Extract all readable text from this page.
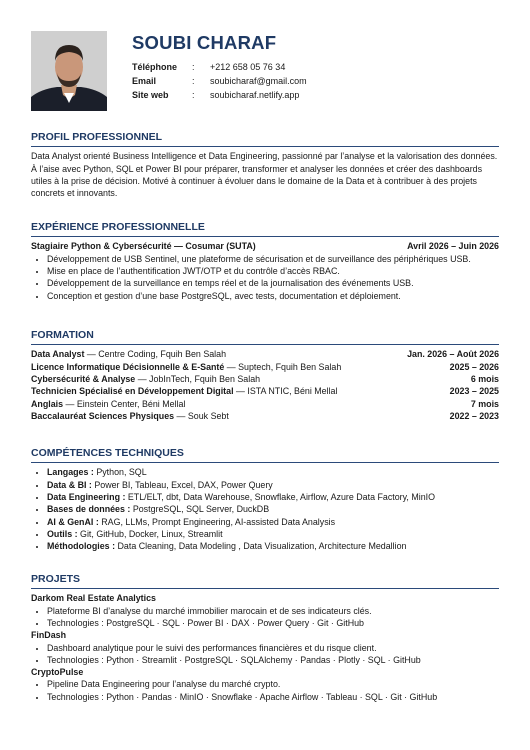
SOUBI CHARAF
Téléphone	:	+212 658 05 76 34
Email	:	soubicharaf@gmail.com
Site web	:	soubicharaf.netlify.app
PROFIL PROFESSIONNEL

Data Analyst orienté Business Intelligence et Data Engineering, passionné par l’analyse et la valorisation des données. À l’aise avec Python, SQL et Power BI pour préparer, transformer et analyser les données et créer des dashboards utiles à la prise de décision. Motivé à continuer à évoluer dans le domaine de la Data et à contribuer à des projets concrets et innovants.

EXPÉRIENCE PROFESSIONNELLE
Stagiaire Python & Cybersécurité — Cosumar (SUTA)	Avril 2026 – Juin 2026
• Développement de USB Sentinel, une plateforme de sécurisation et de surveillance des périphériques USB.
• Mise en place de l’authentification JWT/OTP et du contrôle d’accès RBAC.
• Développement de la surveillance en temps réel et de la journalisation des événements USB.
• Conception et gestion d’une base PostgreSQL, avec tests, documentation et déploiement.
FORMATION
Data Analyst — Centre Coding, Fquih Ben Salah	Jan. 2026 – Août 2026
Licence Informatique Décisionnelle & E-Santé — Suptech, Fquih Ben Salah	2025 – 2026
Cybersécurité & Analyse — JobInTech, Fquih Ben Salah	6 mois
Technicien Spécialisé en Développement Digital — ISTA NTIC, Béni Mellal	2023 – 2025
Anglais — Einstein Center, Béni Mellal	7 mois
Baccalauréat Sciences Physiques — Souk Sebt	2022 – 2023
COMPÉTENCES TECHNIQUES
• Langages : Python, SQL
• Data & BI : Power BI, Tableau, Excel, DAX, Power Query
• Data Engineering : ETL/ELT, dbt, Data Warehouse, Snowflake, Airflow, Azure Data Factory, MinIO
• Bases de données : PostgreSQL, SQL Server, DuckDB
• AI & GenAI : RAG, LLMs, Prompt Engineering, AI-assisted Data Analysis
• Outils : Git, GitHub, Docker, Linux, Streamlit
• Méthodologies : Data Cleaning, Data Modeling , Data Visualization, Architecture Medallion
PROJETS
Darkom Real Estate Analytics
• Plateforme BI d’analyse du marché immobilier marocain et de ses indicateurs clés.
• Technologies : PostgreSQL · SQL · Power BI · DAX · Power Query · Git · GitHub
FinDash
• Dashboard analytique pour le suivi des performances financières et du risque client.
• Technologies : Python · Streamlit · PostgreSQL · SQLAlchemy · Pandas · Plotly · SQL · GitHub
CryptoPulse
• Pipeline Data Engineering pour l’analyse du marché crypto.
• Technologies : Python · Pandas · MinIO · Snowflake · Apache Airflow · Tableau · SQL · Git · GitHub
